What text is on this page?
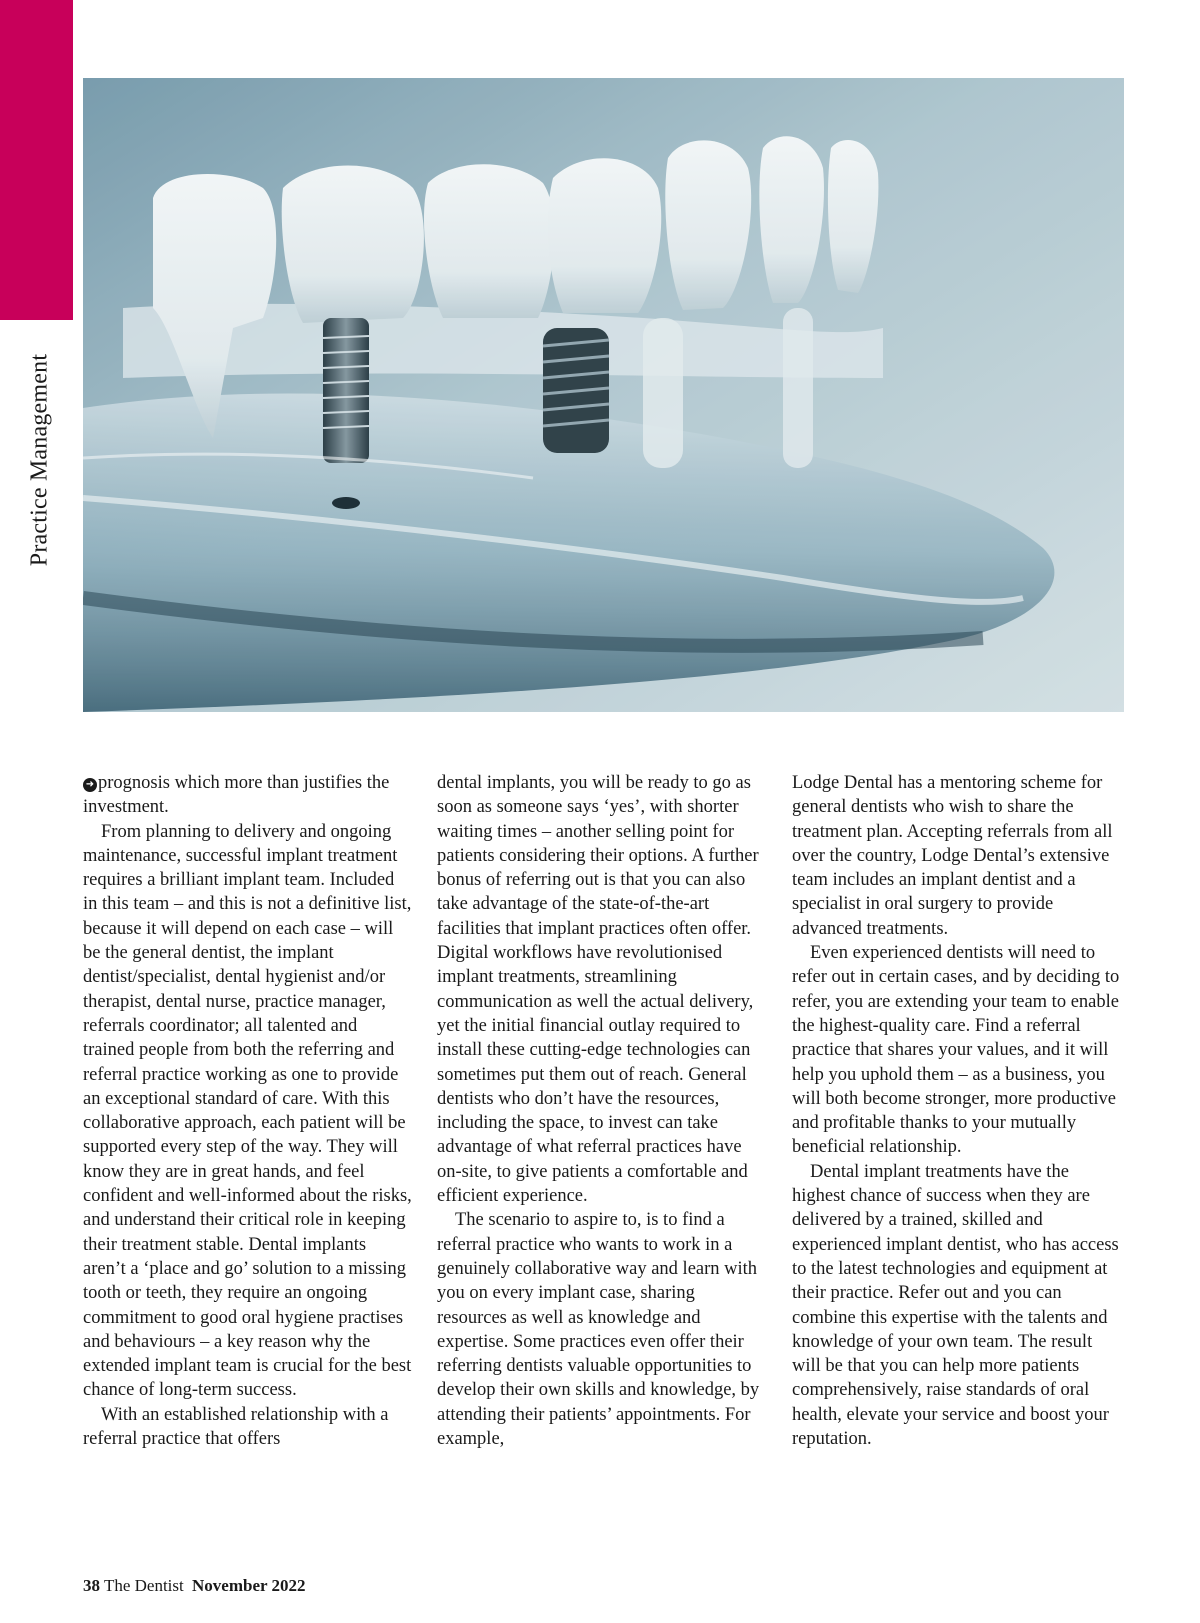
Practice Management

➜ prognosis which more than justifies the investment.

From planning to delivery and ongoing maintenance, successful implant treatment requires a brilliant implant team. Included in this team – and this is not a definitive list, because it will depend on each case – will be the general dentist, the implant dentist/specialist, dental hygienist and/or therapist, dental nurse, practice manager, referrals coordinator; all talented and trained people from both the referring and referral practice working as one to provide an exceptional standard of care. With this collaborative approach, each patient will be supported every step of the way. They will know they are in great hands, and feel confident and well-informed about the risks, and understand their critical role in keeping their treatment stable. Dental implants aren’t a ‘place and go’ solution to a missing tooth or teeth, they require an ongoing commitment to good oral hygiene practises and behaviours – a key reason why the extended implant team is crucial for the best chance of long-term success.

With an established relationship with a referral practice that offers

dental implants, you will be ready to go as soon as someone says ‘yes’, with shorter waiting times – another selling point for patients considering their options. A further bonus of referring out is that you can also take advantage of the state-of-the-art facilities that implant practices often offer. Digital workflows have revolutionised implant treatments, streamlining communication as well the actual delivery, yet the initial financial outlay required to install these cutting-edge technologies can sometimes put them out of reach. General dentists who don’t have the resources, including the space, to invest can take advantage of what referral practices have on-site, to give patients a comfortable and efficient experience.

The scenario to aspire to, is to find a referral practice who wants to work in a genuinely collaborative way and learn with you on every implant case, sharing resources as well as knowledge and expertise. Some practices even offer their referring dentists valuable opportunities to develop their own skills and knowledge, by attending their patients’ appointments. For example,

Lodge Dental has a mentoring scheme for general dentists who wish to share the treatment plan. Accepting referrals from all over the country, Lodge Dental’s extensive team includes an implant dentist and a specialist in oral surgery to provide advanced treatments.

Even experienced dentists will need to refer out in certain cases, and by deciding to refer, you are extending your team to enable the highest-quality care. Find a referral practice that shares your values, and it will help you uphold them – as a business, you will both become stronger, more productive and profitable thanks to your mutually beneficial relationship.

Dental implant treatments have the highest chance of success when they are delivered by a trained, skilled and experienced implant dentist, who has access to the latest technologies and equipment at their practice. Refer out and you can combine this expertise with the talents and knowledge of your own team. The result will be that you can help more patients comprehensively, raise standards of oral health, elevate your service and boost your reputation.

38 The Dentist November 2022
